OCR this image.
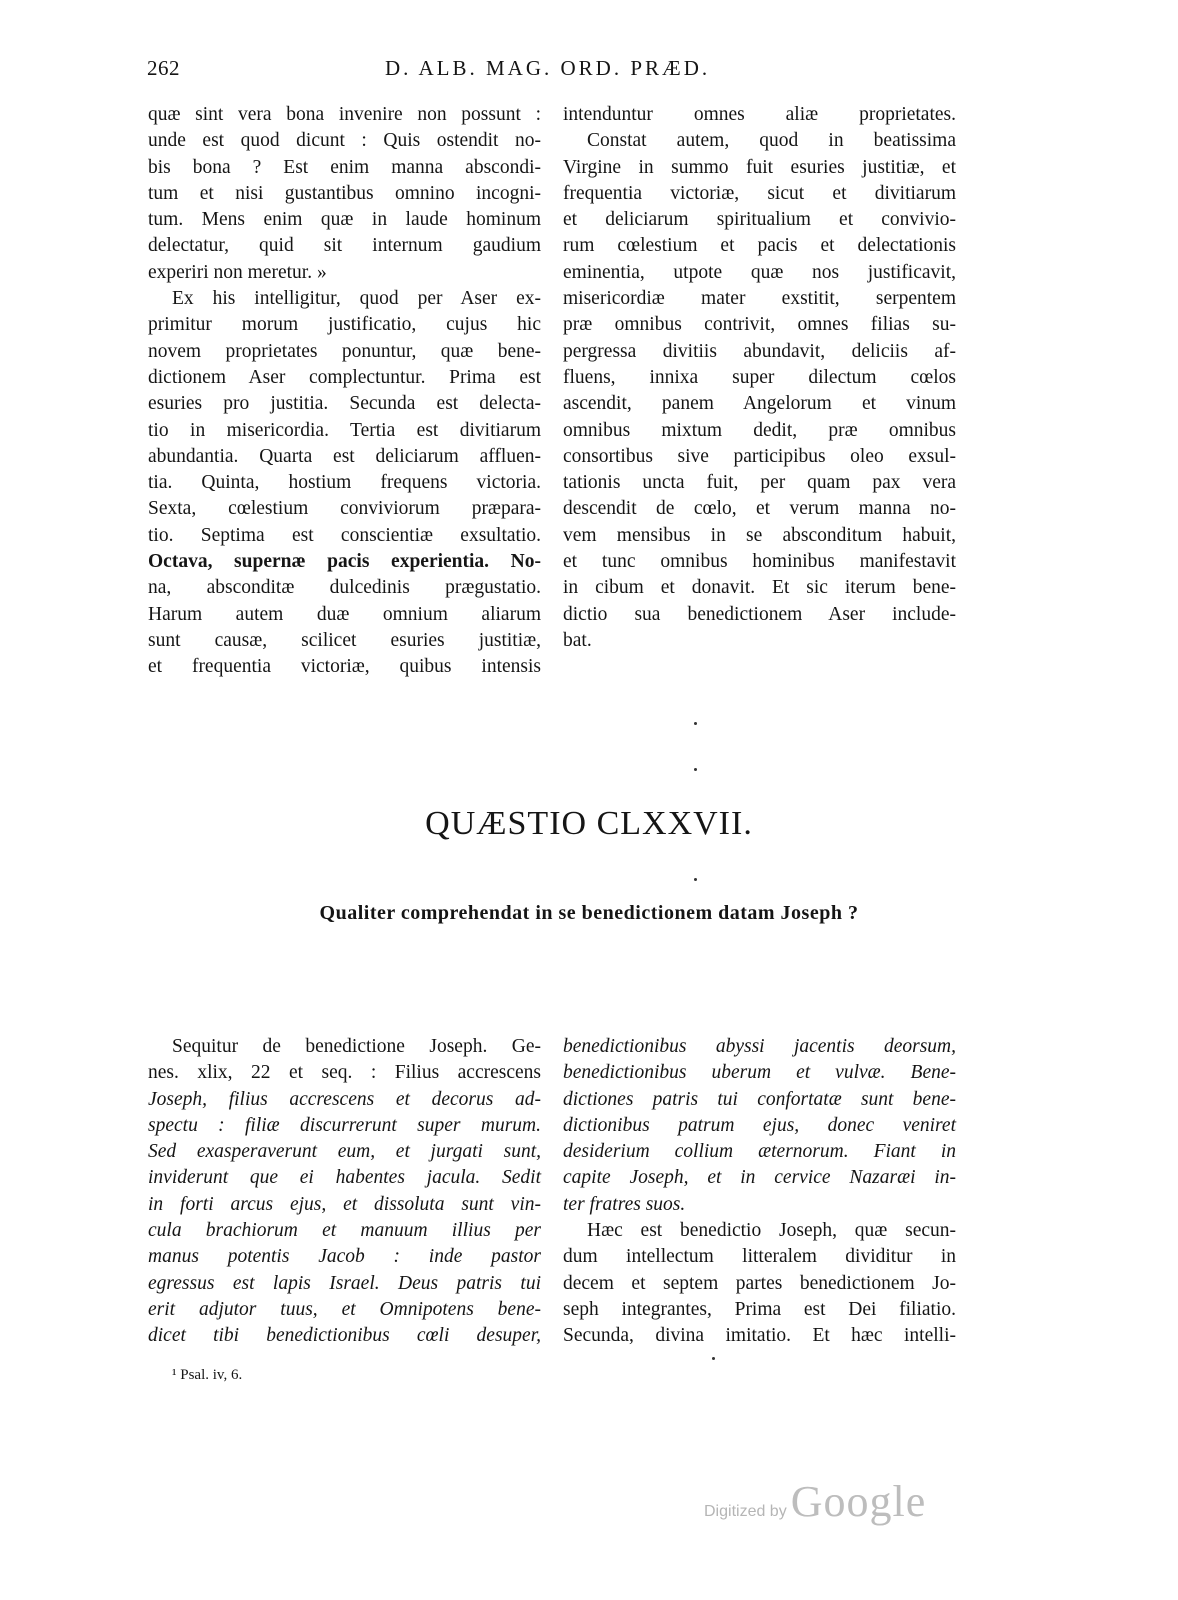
262	D. ALB. MAG. ORD. PRÆD.
quæ sint vera bona invenire non possunt :
unde est quod dicunt : Quis ostendit no-
bis bona ? Est enim manna abscondi-
tum et nisi gustantibus omnino incogni-
tum. Mens enim quæ in laude hominum
delectatur, quid sit internum gaudium
experiri non meretur. »
Ex his intelligitur, quod per Aser ex-
primitur morum justificatio, cujus hic
novem proprietates ponuntur, quæ bene-
dictionem Aser complectuntur. Prima est
esuries pro justitia. Secunda est delecta-
tio in misericordia. Tertia est divitiarum
abundantia. Quarta est deliciarum affluen-
tia. Quinta, hostium frequens victoria.
Sexta, cœlestium conviviorum præpara-
tio. Septima est conscientiæ exsultatio.
Octava, supernæ pacis experientia. No-
na, absconditæ dulcedinis prægustatio.
Harum autem duæ omnium aliarum
sunt causæ, scilicet esuries justitiæ,
et frequentia victoriæ, quibus intensis
intenduntur omnes aliæ proprietates.
Constat autem, quod in beatissima
Virgine in summo fuit esuries justitiæ, et
frequentia victoriæ, sicut et divitiarum
et deliciarum spiritualium et convivio-
rum cœlestium et pacis et delectationis
eminentia, utpote quæ nos justificavit,
misericordiæ mater exstitit, serpentem
præ omnibus contrivit, omnes filias su-
pergressa divitiis abundavit, deliciis af-
fluens, innixa super dilectum cœlos
ascendit, panem Angelorum et vinum
omnibus mixtum dedit, præ omnibus
consortibus sive participibus oleo exsul-
tationis uncta fuit, per quam pax vera
descendit de cœlo, et verum manna no-
vem mensibus in se absconditum habuit,
et tunc omnibus hominibus manifestavit
in cibum et donavit. Et sic iterum bene-
dictio sua benedictionem Aser include-
bat.
QUÆSTIO CLXXVII.
Qualiter comprehendat in se benedictionem datam Joseph ?
Sequitur de benedictione Joseph. Ge-
nes. xlix, 22 et seq. : Filius accrescens
Joseph, filius accrescens et decorus ad-
spectu : filiæ discurrerunt super murum.
Sed exasperaverunt eum, et jurgati sunt,
inviderunt que ei habentes jacula. Sedit
in forti arcus ejus, et dissoluta sunt vin-
cula brachiorum et manuum illius per
manus potentis Jacob : inde pastor
egressus est lapis Israel. Deus patris tui
erit adjutor tuus, et Omnipotens bene-
dicet tibi benedictionibus cœli desuper,
benedictionibus abyssi jacentis deorsum,
benedictionibus uberum et vulvæ. Bene-
dictiones patris tui confortatæ sunt bene-
dictionibus patrum ejus, donec veniret
desiderium collium æternorum. Fiant in
capite Joseph, et in cervice Nazaræi in-
ter fratres suos.
Hæc est benedictio Joseph, quæ secun-
dum intellectum litteralem dividitur in
decem et septem partes benedictionem Jo-
seph integrantes, Prima est Dei filiatio.
Secunda, divina imitatio. Et hæc intelli-
¹ Psal. iv, 6.
Digitized by Google
